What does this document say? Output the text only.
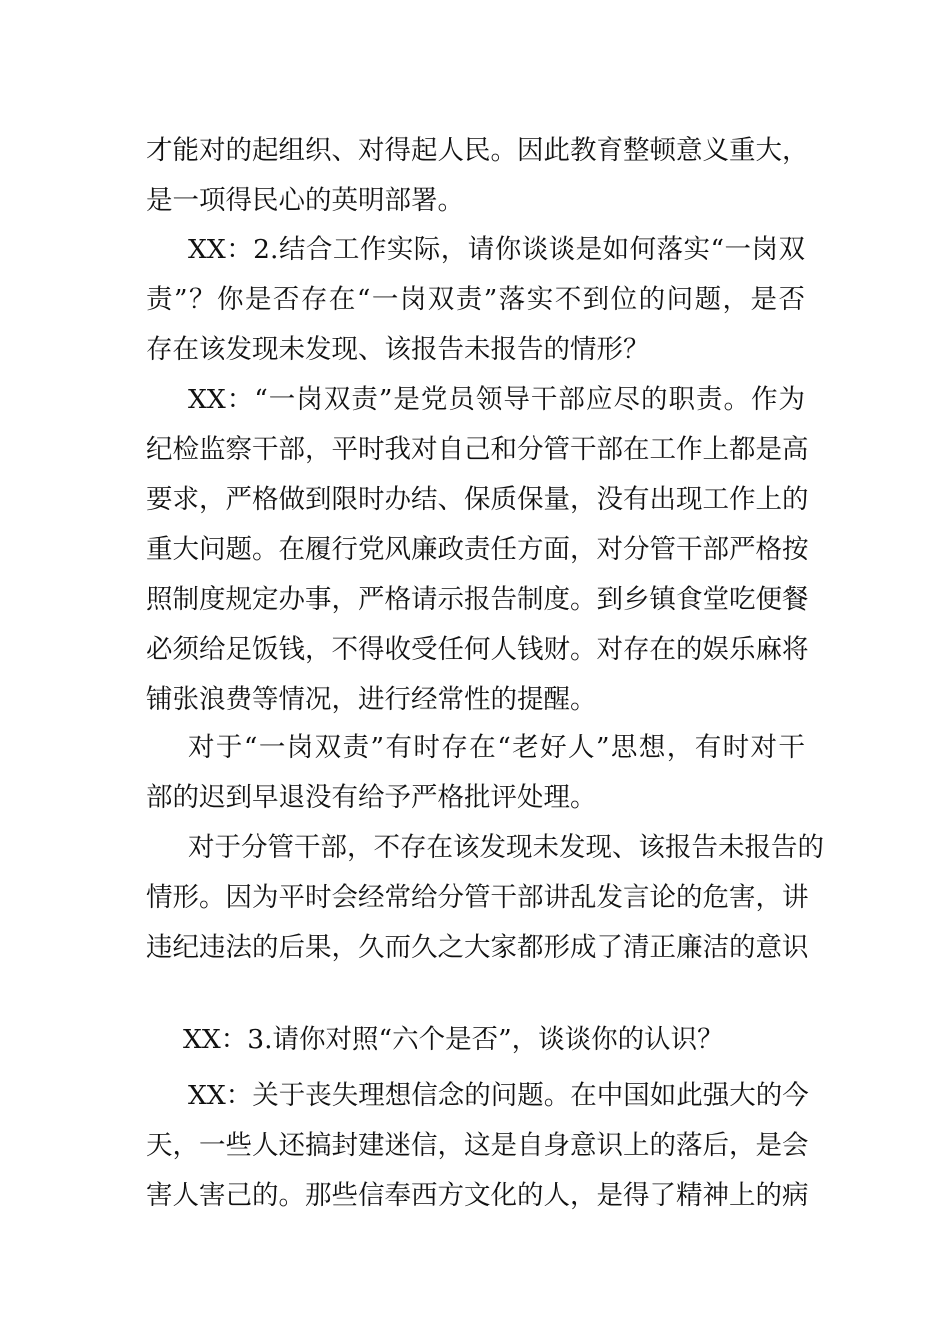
才能对的起组织、对得起人民。因此教育整顿意义重大，
是一项得民心的英明部署。
XX：2.结合工作实际，请你谈谈是如何落实“一岗双
责”？你是否存在“一岗双责”落实不到位的问题，是否
存在该发现未发现、该报告未报告的情形？
XX：“一岗双责”是党员领导干部应尽的职责。作为
纪检监察干部，平时我对自己和分管干部在工作上都是高
要求，严格做到限时办结、保质保量，没有出现工作上的
重大问题。在履行党风廉政责任方面，对分管干部严格按
照制度规定办事，严格请示报告制度。到乡镇食堂吃便餐
必须给足饭钱，不得收受任何人钱财。对存在的娱乐麻将
铺张浪费等情况，进行经常性的提醒。
对于“一岗双责”有时存在“老好人”思想，有时对干
部的迟到早退没有给予严格批评处理。
对于分管干部，不存在该发现未发现、该报告未报告的
情形。因为平时会经常给分管干部讲乱发言论的危害，讲
违纪违法的后果，久而久之大家都形成了清正廉洁的意识
XX：3.请你对照“六个是否”，谈谈你的认识？
XX：关于丧失理想信念的问题。在中国如此强大的今
天，一些人还搞封建迷信，这是自身意识上的落后，是会
害人害己的。那些信奉西方文化的人，是得了精神上的病
